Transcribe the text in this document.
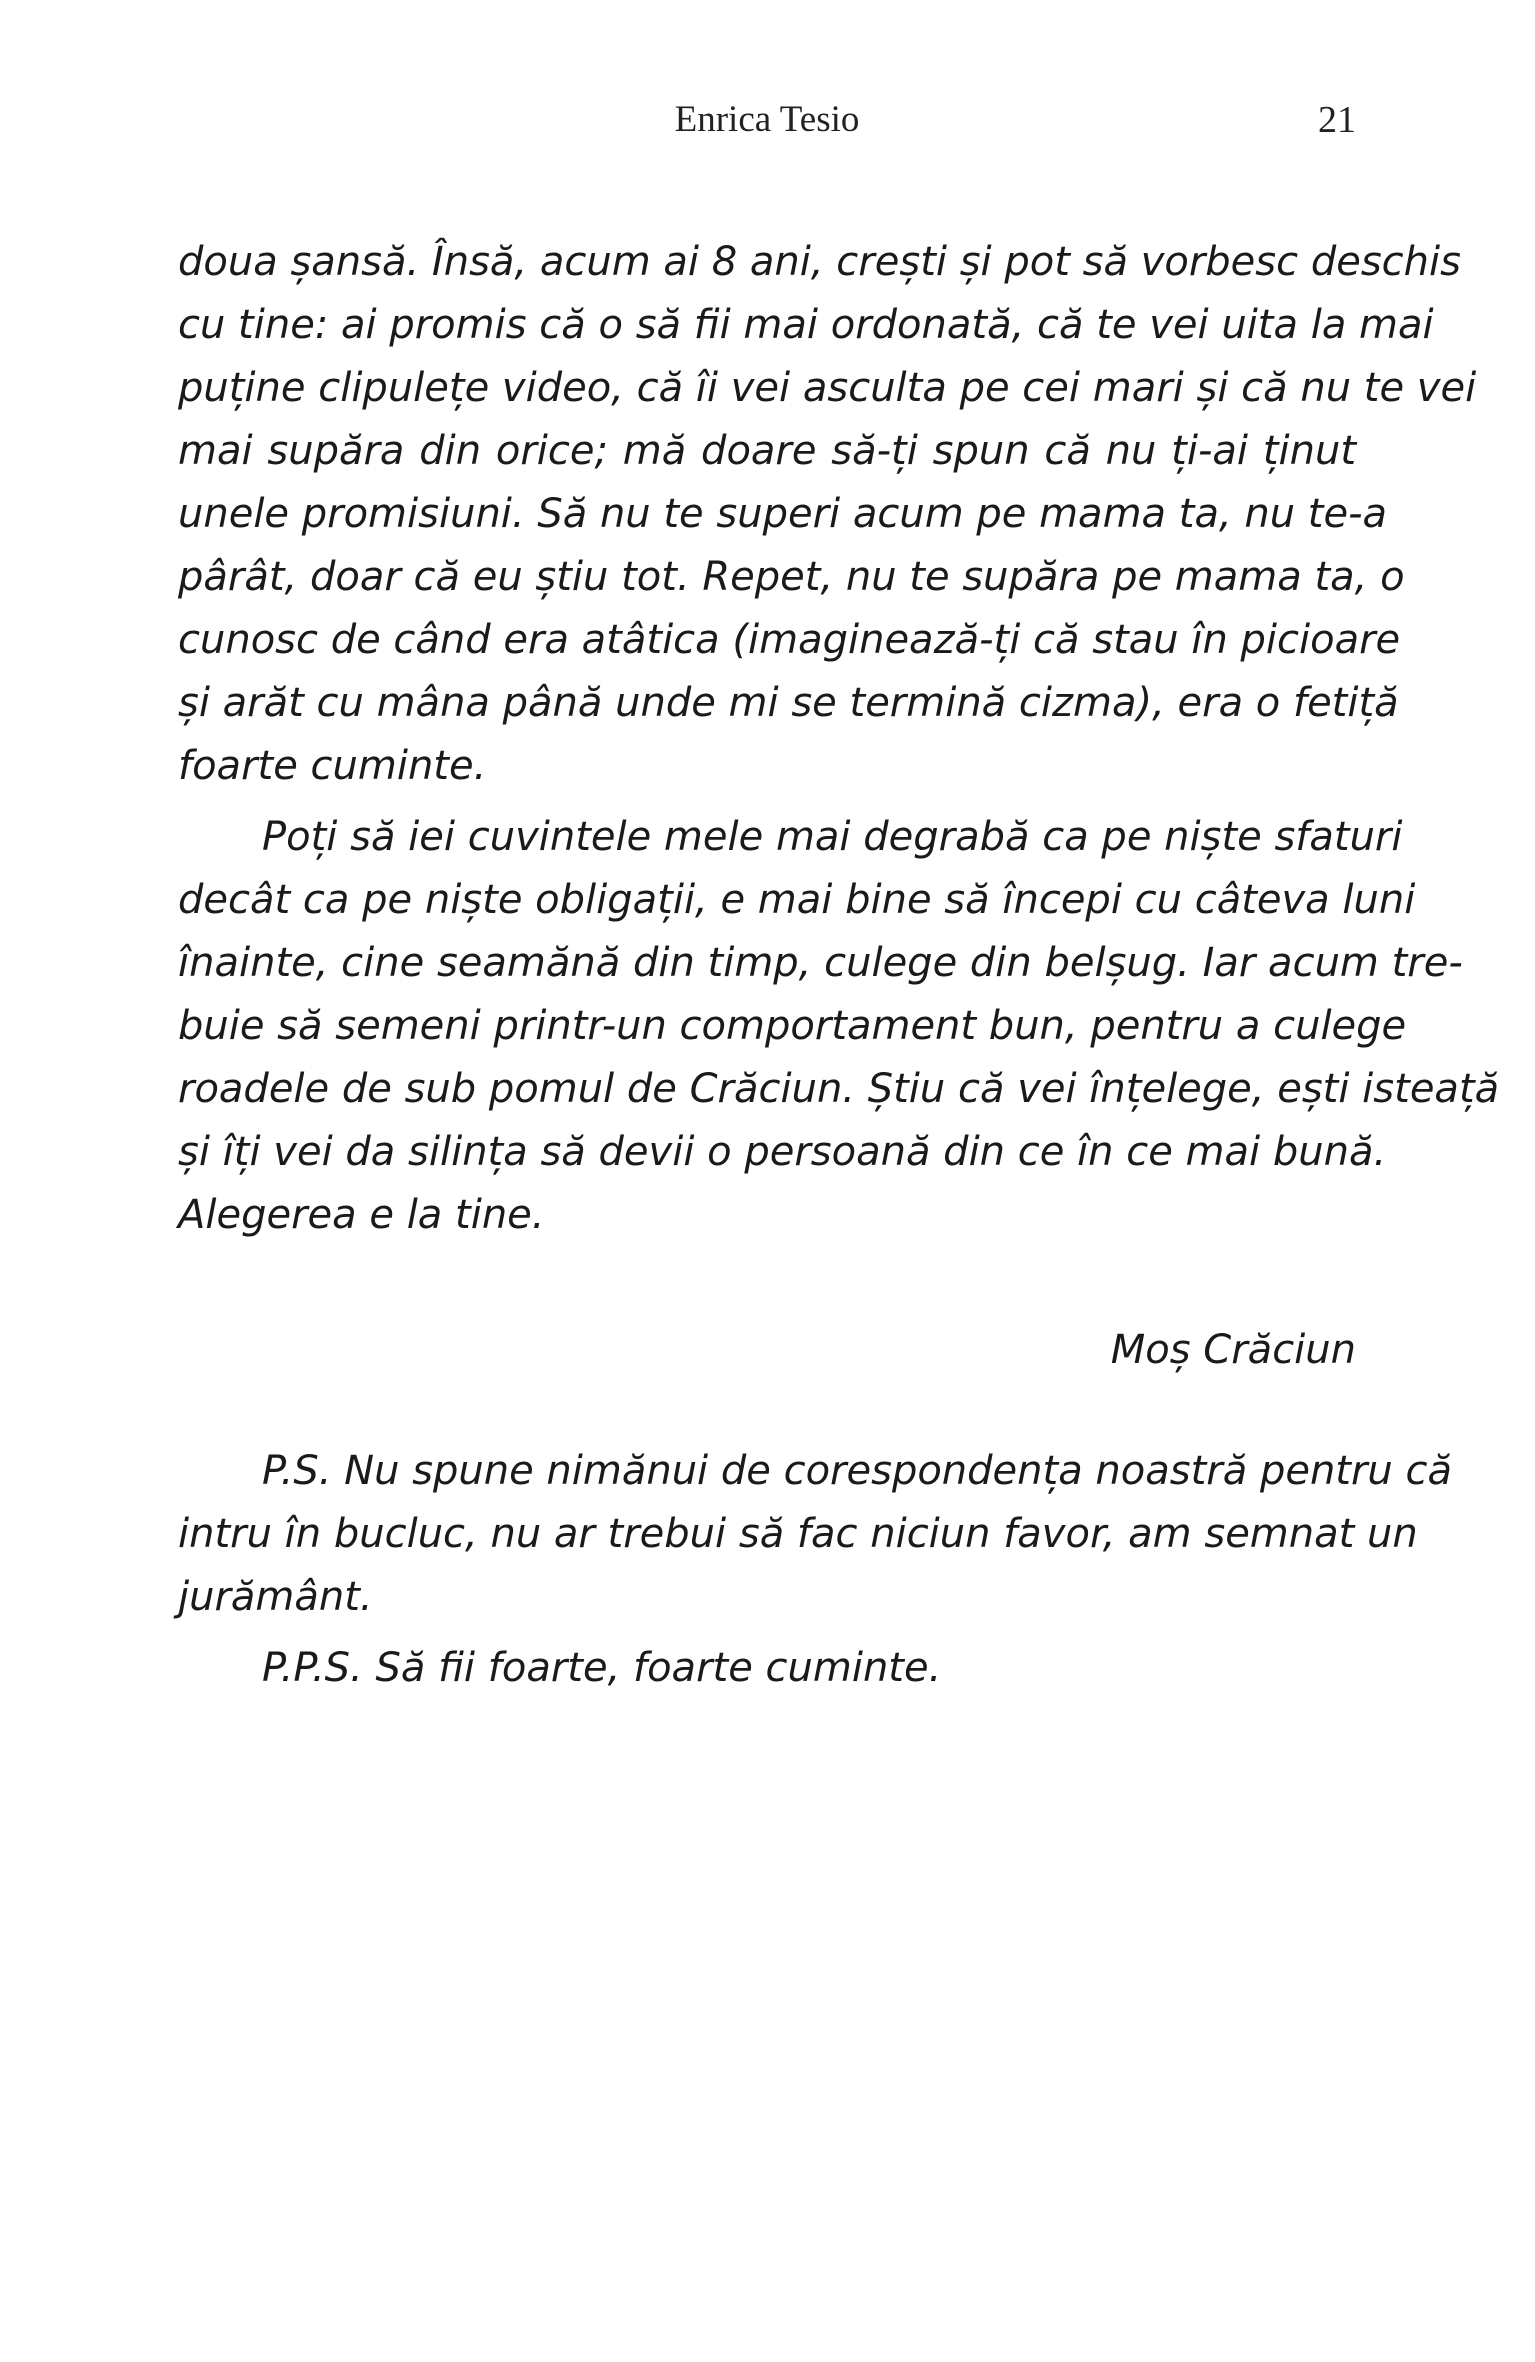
Enrica Tesio	21
doua șansă. Însă, acum ai 8 ani, crești și pot să vorbesc deschis
cu tine: ai promis că o să fii mai ordonată, că te vei uita la mai
puține clipulețe video, că îi vei asculta pe cei mari și că nu te vei
mai supăra din orice; mă doare să-ți spun că nu ți-ai ținut
unele promisiuni. Să nu te superi acum pe mama ta, nu te-a
pârât, doar că eu știu tot. Repet, nu te supăra pe mama ta, o
cunosc de când era atâtica (imaginează-ți că stau în picioare
și arăt cu mâna până unde mi se termină cizma), era o fetiță
foarte cuminte.
Poți să iei cuvintele mele mai degrabă ca pe niște sfaturi
decât ca pe niște obligații, e mai bine să începi cu câteva luni
înainte, cine seamănă din timp, culege din belșug. Iar acum tre-
buie să semeni printr-un comportament bun, pentru a culege
roadele de sub pomul de Crăciun. Știu că vei înțelege, ești isteață
și îți vei da silința să devii o persoană din ce în ce mai bună.
Alegerea e la tine.

Moș Crăciun

P.S. Nu spune nimănui de corespondența noastră pentru că
intru în bucluc, nu ar trebui să fac niciun favor, am semnat un
jurământ.
P.P.S. Să fii foarte, foarte cuminte.
